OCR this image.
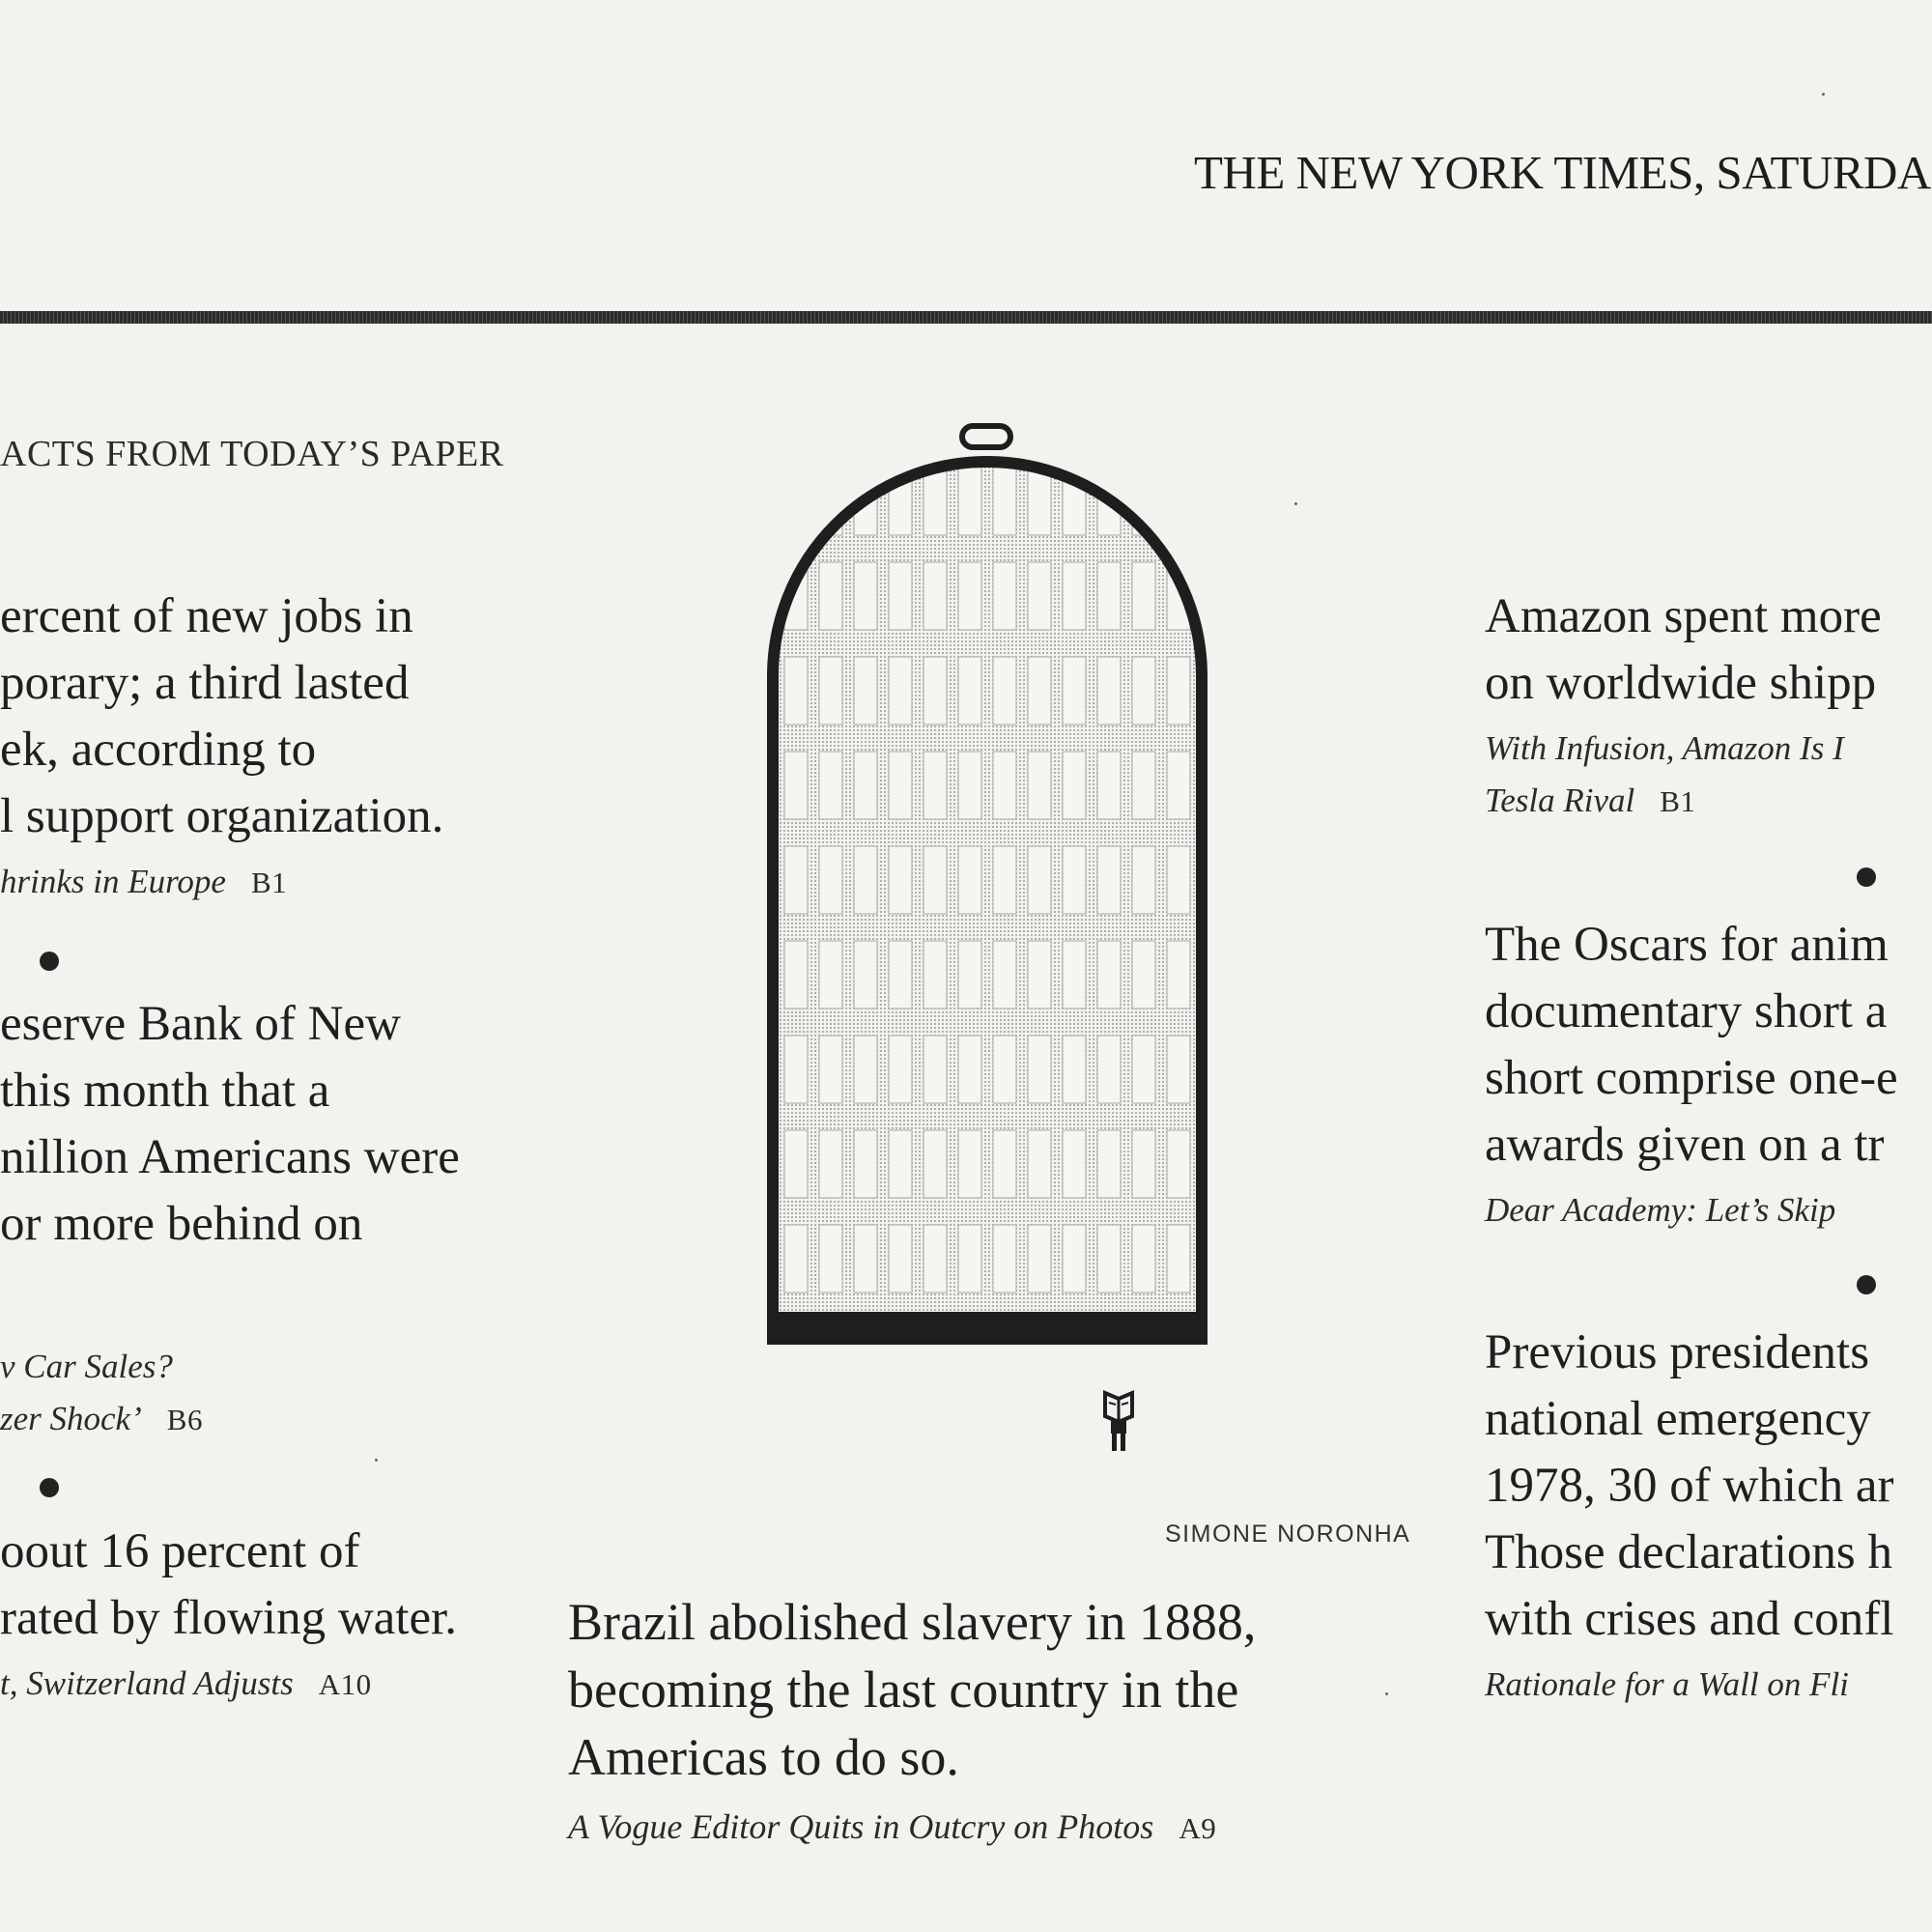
THE NEW YORK TIMES, SATURDA
ACTS FROM TODAY’S PAPER
ercent of new jobs in
porary; a third lasted
ek, according to
l support organization.
hrinks in Europe B1
eserve Bank of New
this month that a
nillion Americans were
or more behind on
v Car Sales?
zer Shock’ B6
oout 16 percent of
rated by flowing water.
t, Switzerland Adjusts A10
SIMONE NORONHA
Brazil abolished slavery in 1888,
becoming the last country in the
Americas to do so.
A Vogue Editor Quits in Outcry on Photos A9
Amazon spent more
on worldwide shipp
With Infusion, Amazon Is I
Tesla Rival B1
The Oscars for anim
documentary short a
short comprise one-e
awards given on a tr
Dear Academy: Let’s Skip
Previous presidents
national emergency
1978, 30 of which ar
Those declarations h
with crises and confl
Rationale for a Wall on Fli
